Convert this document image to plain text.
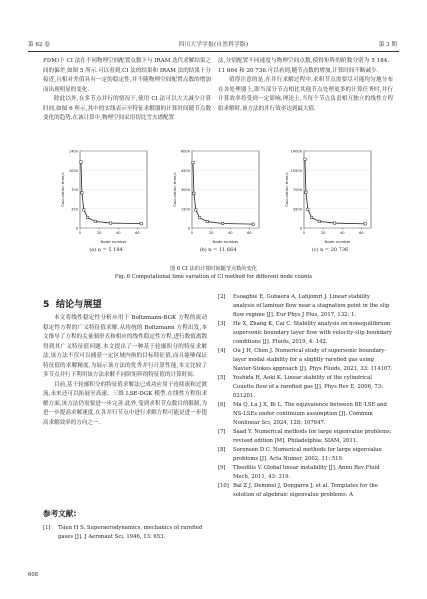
第 62 卷	四川大学学报(自然科学版)	第 3 期

FDM)下 CI 法在不同物理空间配置点数下与 IRAM 迭代求解结果之间的偏差,如图 5 所示.可以看到,CI 法的结果和 IRAM 法的结果十分接近,且相对差值具有一定的稳定性,并不随物理空间配置点数的增加而出现明显的变化.

除此以外,在多节点并行的情况下,使用 CI 法可以大大减少计算时间,如图 6 所示,其中的实线表示至特征求解器的计算时间随节点数变化的趋势.在该计算中,物理空间采用切比雪夫谱配置

法,分别配置不同速度与物理空间点数,使得矩阵的阶数分别为 5 184、11 664 和 20 736.可以看到,随节点数的增加,计算时间不断减少.

值得注意的是,在并行求解过程中,求积节点需要尽可能均匀地分布在各处理器上,即当部分节点相比其他节点处理更多的计算任务时,并行计算效率将受到一定影响.理论上,当每个节点负责相互独立的线性方程组求解时,该方法的并行效率达到最大值.

0
350
700
1050
1400
0	20	40	60
Node number
Calculation time/s
0
1500
3000
4500
6000
0	20	40	60
Node number
Calculation time/s
0
3500
7000
10500
14000
0	20	40	60
Node number
Calculation time/s
(a) n = 5 184	(b) n = 11 664	(c) n = 20 736
图 6 CI 法的计算时间随节点数的变化
Fig. 6 Computational time variation of CI method for different node counts
5 结论与展望

本文将线性稳定性分析应用于 Boltzmann-BGK 方程的流动稳定性方程的广义特征值求解.从传统的 Boltzmann 方程出发,本文推导了方程的关量制形式和相应的线性稳定性方程,进行数值离散得到其广义特征值问题.本文提出了一种基于轮廓积分的特征求解法,该方法不仅可以捕获一定区域内指的目标特征值,而且能够保证特征值的求解精度.为展示该方法的优秀并行计算性能,本文比较了多节点并行下利用该方法求解不同阶矩阵的特征值的计算时间.

目前,基于轮廓积分的特征值求解法已成功应用于连续流和过渡流,未来还可以拓展至高速、三维 LSE-DGK 模型.在线性方程组求解方面,该方法仍需要进一步完善.此外,受到求积节点数目的限制,为进一步提高求解速度,在各并行节点中进行求解方程可能是进一步提高求解效率的方向之一.

参考文献:
[1] Tsien H S. Superaerodynamics, mechanics of rarefied gases [J]. J Aeronaut Sci, 1946, 13: 653.
[2] Esoaghie E, Gubaera A, Lahjomri J. Linear stability analysis of laminar flow near a stagnation point in the slip flow regime [J]. Eur Phys J Plus, 2017, 132: 1.
[3] He X, Zhang K, Cai C. Stability analysis on nonequilibrium supersonic boundary layer flow with velocity-slip boundary conditions [J]. Fluids, 2019, 4: 142.
[4] Ou J H, Chen J. Numerical study of supersonic boundary-layer modal stability for a slightly rarefied gas using Navier-Stokes approach [J]. Phys Fluids, 2021, 33: 114107.
[5] Yoshida H, Aoki K. Linear stability of the cylindrical Couette flow of a rarefied gas [J]. Phys Rev E, 2006, 73: 021201.
[6] Ma Q, Lu J X, Bi L. The equivalence between BE-LSE and NS-LSEs under continuum assumption [J]. Commun Nonlinear Sci, 2024, 128: 107647.
[7] Saad Y. Numerical methods for large eigenvalue problems: revised edition [M]. Philadelphia: SIAM, 2011.
[8] Sorensen D C. Numerical methods for large eigenvalue problems [J]. Acta Numer, 2002, 11: 519.
[9] Theofilis V. Global linear instability [J]. Annu Rev Fluid Mech, 2011, 43: 319.
[10] Bai Z J, Demmel J, Dongarra J, et al. Templates for the solution of algebraic eigenvalue problems: A
608
